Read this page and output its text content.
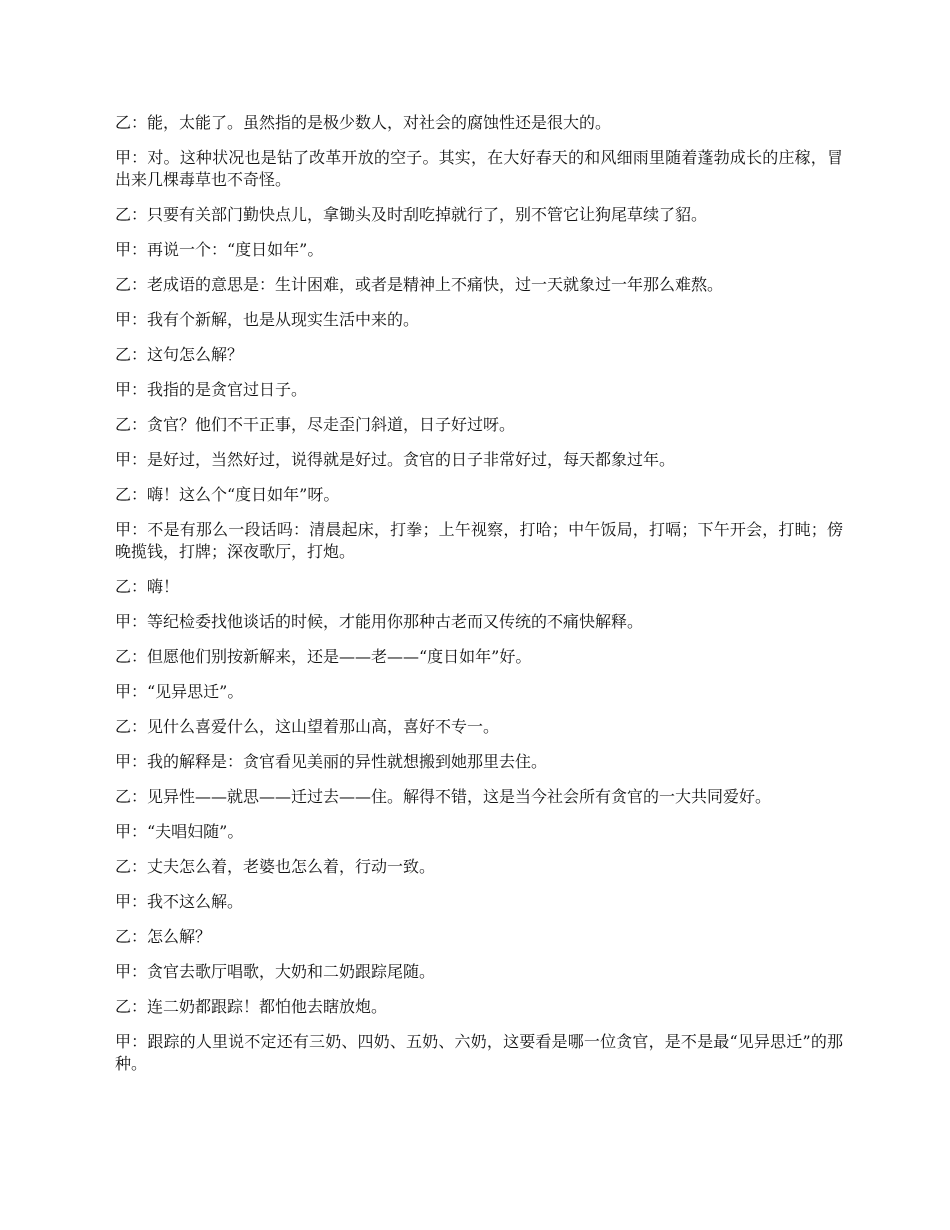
乙：能，太能了。虽然指的是极少数人，对社会的腐蚀性还是很大的。

甲：对。这种状况也是钻了改革开放的空子。其实，在大好春天的和风细雨里随着蓬勃成长的庄稼，冒出来几棵毒草也不奇怪。

乙：只要有关部门勤快点儿，拿锄头及时刮吃掉就行了，别不管它让狗尾草续了貂。

甲：再说一个：“度日如年”。

乙：老成语的意思是：生计困难，或者是精神上不痛快，过一天就象过一年那么难熬。

甲：我有个新解，也是从现实生活中来的。

乙：这句怎么解？

甲：我指的是贪官过日子。

乙：贪官？他们不干正事，尽走歪门斜道，日子好过呀。

甲：是好过，当然好过，说得就是好过。贪官的日子非常好过，每天都象过年。

乙：嗨！这么个“度日如年”呀。

甲：不是有那么一段话吗：清晨起床，打拳；上午视察，打哈；中午饭局，打嗝；下午开会，打盹；傍晚揽钱，打牌；深夜歌厅，打炮。

乙：嗨！

甲：等纪检委找他谈话的时候，才能用你那种古老而又传统的不痛快解释。

乙：但愿他们别按新解来，还是——老——“度日如年”好。

甲：“见异思迁”。

乙：见什么喜爱什么，这山望着那山高，喜好不专一。

甲：我的解释是：贪官看见美丽的异性就想搬到她那里去住。

乙：见异性——就思——迁过去——住。解得不错，这是当今社会所有贪官的一大共同爱好。

甲：“夫唱妇随”。

乙：丈夫怎么着，老婆也怎么着，行动一致。

甲：我不这么解。

乙：怎么解？

甲：贪官去歌厅唱歌，大奶和二奶跟踪尾随。

乙：连二奶都跟踪！都怕他去瞎放炮。

甲：跟踪的人里说不定还有三奶、四奶、五奶、六奶，这要看是哪一位贪官，是不是最“见异思迁”的那种。
